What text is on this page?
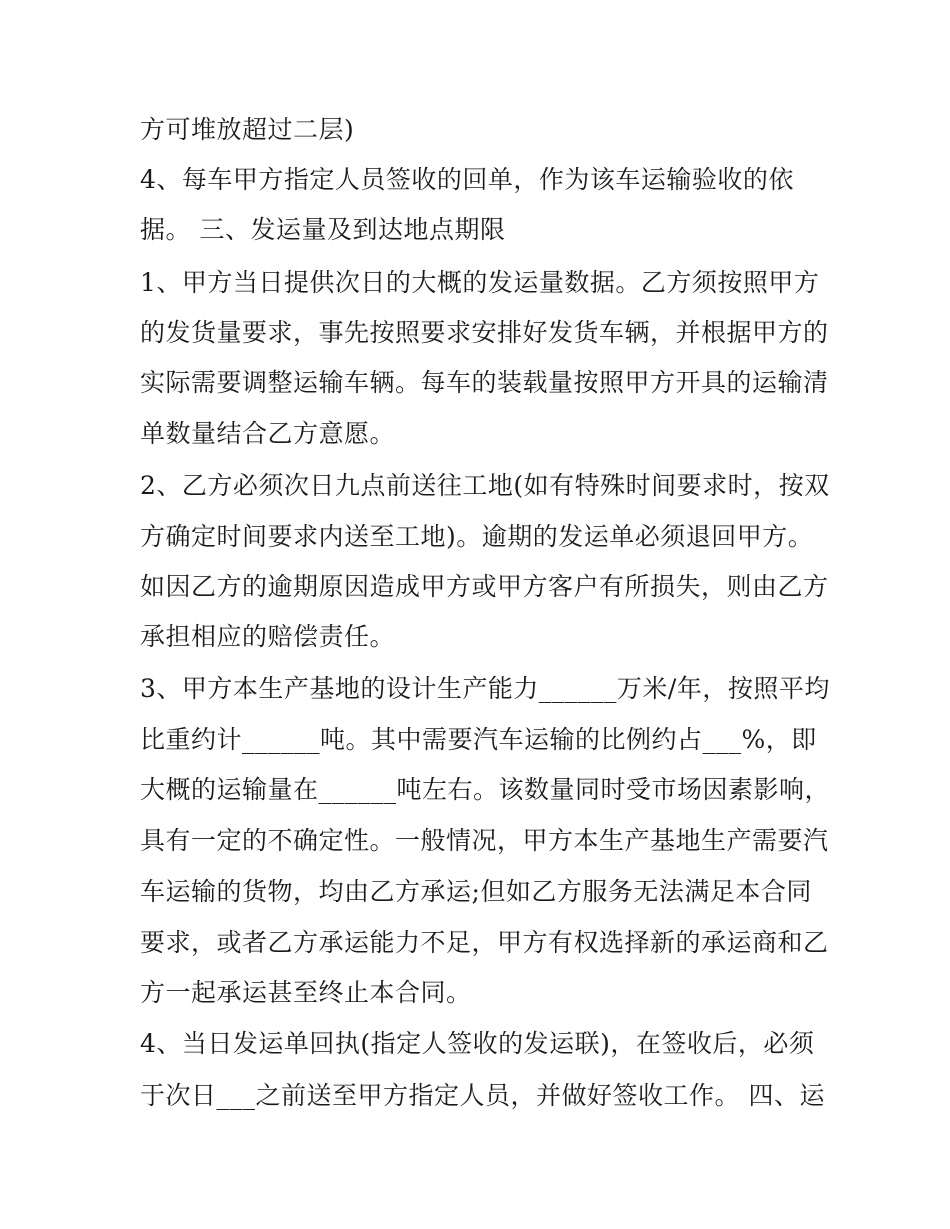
方可堆放超过二层)

4、每车甲方指定人员签收的回单，作为该车运输验收的依

据。 三、发运量及到达地点期限

1、甲方当日提供次日的大概的发运量数据。乙方须按照甲方

的发货量要求，事先按照要求安排好发货车辆，并根据甲方的

实际需要调整运输车辆。每车的装载量按照甲方开具的运输清

单数量结合乙方意愿。

2、乙方必须次日九点前送往工地(如有特殊时间要求时，按双

方确定时间要求内送至工地)。逾期的发运单必须退回甲方。

如因乙方的逾期原因造成甲方或甲方客户有所损失，则由乙方

承担相应的赔偿责任。

3、甲方本生产基地的设计生产能力______万米/年，按照平均

比重约计______吨。其中需要汽车运输的比例约占___%，即

大概的运输量在______吨左右。该数量同时受市场因素影响，

具有一定的不确定性。一般情况，甲方本生产基地生产需要汽

车运输的货物，均由乙方承运;但如乙方服务无法满足本合同

要求，或者乙方承运能力不足，甲方有权选择新的承运商和乙

方一起承运甚至终止本合同。

4、当日发运单回执(指定人签收的发运联)，在签收后，必须

于次日___之前送至甲方指定人员，并做好签收工作。 四、运
